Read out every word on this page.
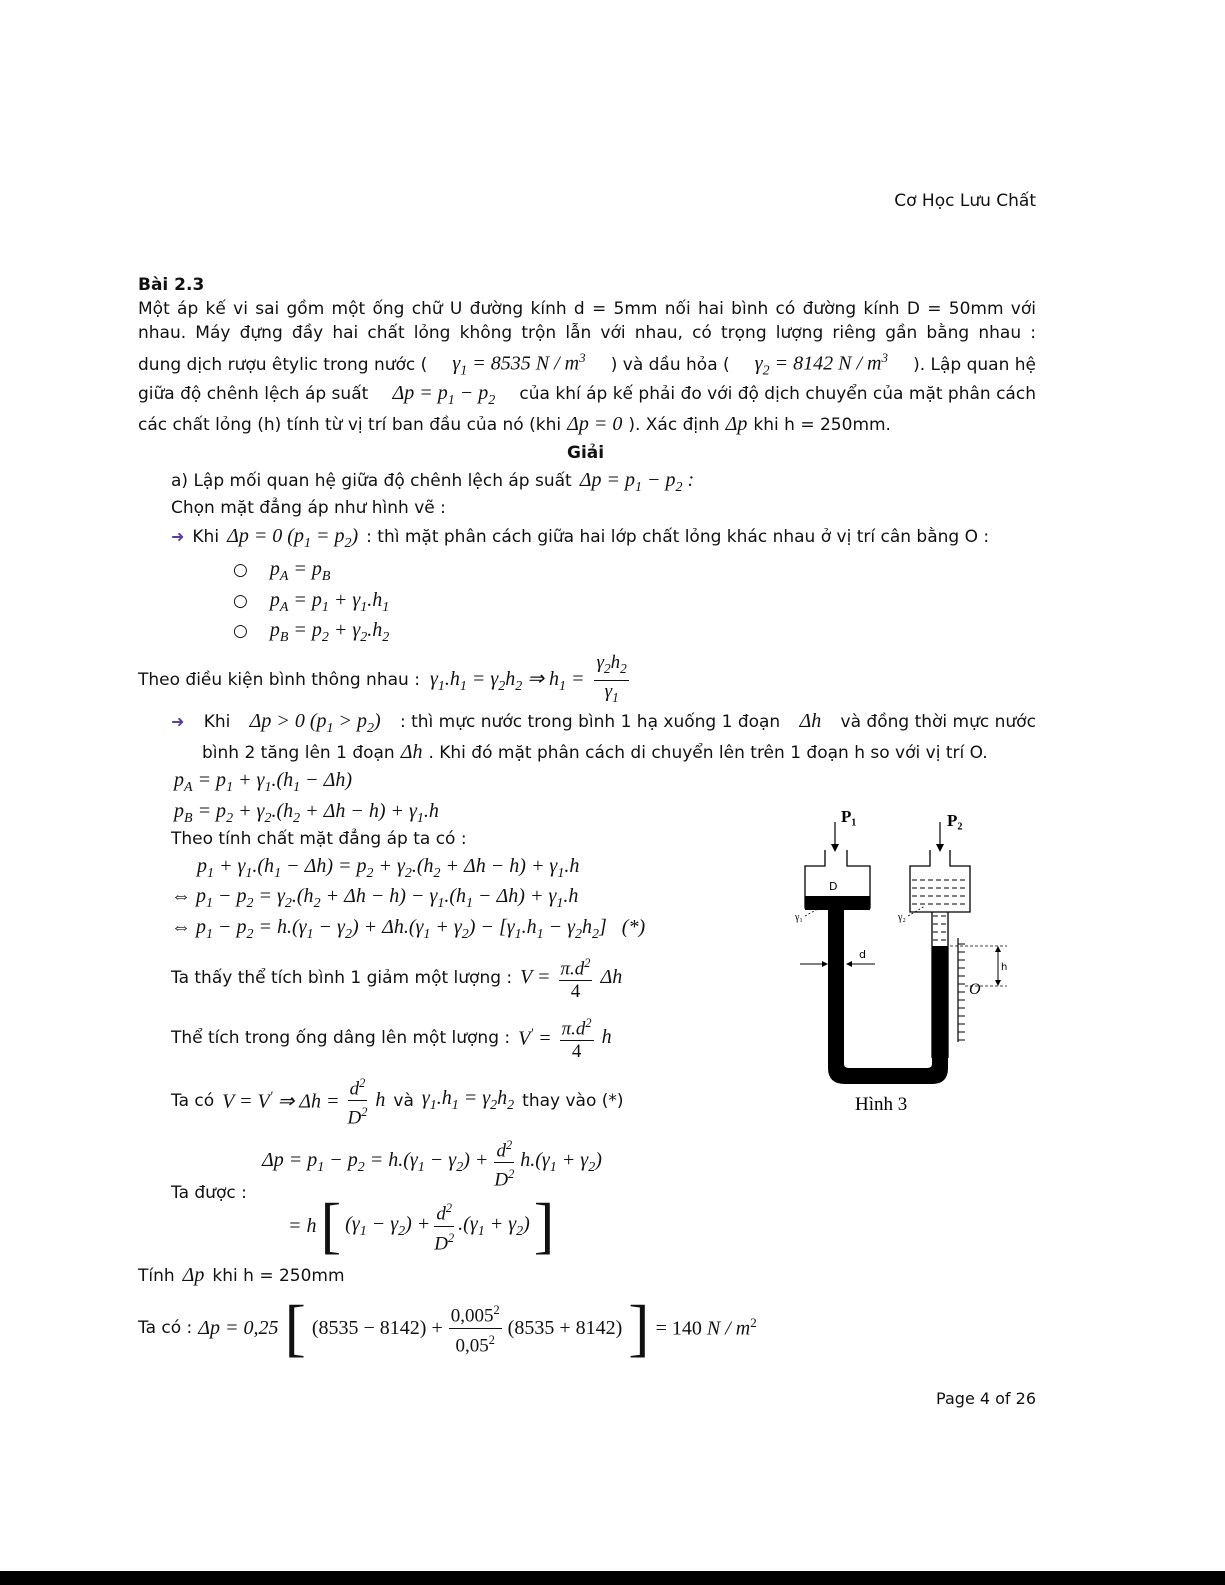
Cơ Học Lưu Chất
Bài 2.3
Một áp kế vi sai gồm một ống chữ U đường kính d = 5mm nối hai bình có đường kính D = 50mm với
nhau. Máy đựng đầy hai chất lỏng không trộn lẫn với nhau, có trọng lượng riêng gần bằng nhau :
dung dịch rượu êtylic trong nước ( $\gamma_1 = 8535$ N / $m^3$ ) và dầu hỏa ( $\gamma_2 = 8142$ N / $m^3$ ). Lập quan hệ
giữa độ chênh lệch áp suất $\Delta p = p_1 - p_2$ của khí áp kế phải đo với độ dịch chuyển của mặt phân cách
các chất lỏng (h) tính từ vị trí ban đầu của nó (khi Δp = 0 ). Xác định Δp khi h = 250mm.
Giải
a) Lập mối quan hệ giữa độ chênh lệch áp suất $\Delta p = p_1 - p_2$ :
Chọn mặt đẳng áp như hình vẽ :
➜ Khi Δp = 0 $(p_1 = p_2)$ : thì mặt phân cách giữa hai lớp chất lỏng khác nhau ở vị trí cân bằng O :
○ $p_A = p_B$
○ $p_A = p_1 + \gamma_1.h_1$
○ $p_B = p_2 + \gamma_2.h_2$
Theo điều kiện bình thông nhau : $\gamma_1.h_1 = \gamma_2h_2$ ⇒ $h_1 = \frac{\gamma_2h_2}{\gamma_1}$
➜ Khi Δp > 0 $(p_1 > p_2)$ : thì mực nước trong bình 1 hạ xuống 1 đoạn Δh và đồng thời mực nước
bình 2 tăng lên 1 đoạn Δh . Khi đó mặt phân cách di chuyển lên trên 1 đoạn h so với vị trí O.
$p_A = p_1 + \gamma_1.(h_1 - \Delta h)$
$p_B = p_2 + \gamma_2.(h_2 + \Delta h - h) + \gamma_1.h$
Theo tính chất mặt đẳng áp ta có :
$p_1 + \gamma_1.(h_1 - \Delta h) = p_2 + \gamma_2.(h_2 + \Delta h - h) + \gamma_1.h$
⇔ $p_1 - p_2 = \gamma_2.(h_2 + \Delta h - h) - \gamma_1.(h_1 - \Delta h) + \gamma_1.h$
⇔ $p_1 - p_2 = h.(\gamma_1 - \gamma_2) + \Delta h.(\gamma_1 + \gamma_2) - [\gamma_1.h_1 - \gamma_2h_2]$   (*)
Ta thấy thể tích bình 1 giảm một lượng : $V = \frac{\pi.d^2}{4}$ Δh
Thể tích trong ống dâng lên một lượng : $V' = \frac{\pi.d^2}{4}$ h
Ta có V = V' ⇒ $\Delta h = \frac{d^2}{D^2}$ h và $\gamma_1.h_1 = \gamma_2h_2$ thay vào (*)
$\Delta p = p_1 - p_2 = h.(\gamma_1 - \gamma_2) + \frac{d^2}{D^2} h.(\gamma_1 + \gamma_2)$
Ta được :
= h [ $(\gamma_1 - \gamma_2) + \frac{d^2}{D^2} .(\gamma_1 + \gamma_2)$ ]
Tính Δp khi h = 250mm
Ta có : Δp = 0,25 [ $(8535 - 8142) + \frac{0,005^2}{0,05^2} (8535 + 8142)$ ] = 140 N / $m^2$
P₁	P₂
D
d
γ₁	γ₂
O
h
Hình 3
Page 4 of 26
